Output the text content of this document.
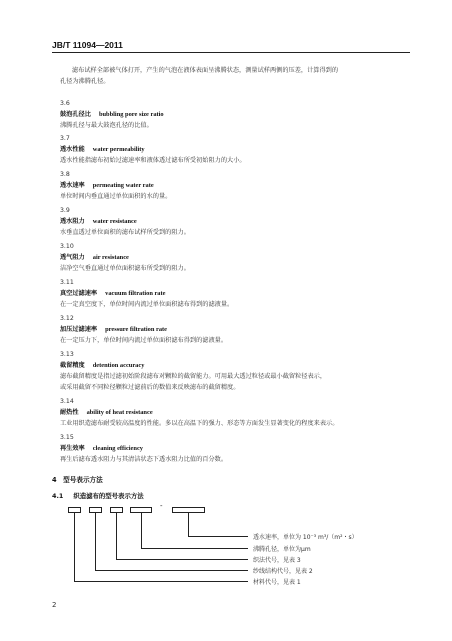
JB/T 11094—2011
滤布试样全部被气体打开，产生的气泡在液体表面呈沸腾状态，测量试样两侧的压差，计算得到的
孔径为沸腾孔径。
3.6
鼓泡孔径比 bubbling pore size ratio
沸腾孔径与最大鼓泡孔径的比值。
3.7
透水性能 water permeability
透水性能指滤布初始过滤速率和液体透过滤布所受初始阻力的大小。
3.8
透水速率 permeating water rate
单位时间内垂直通过单位面积的水的量。
3.9
透水阻力 water resistance
水垂直透过单位面积的滤布试样所受到的阻力。
3.10
透气阻力 air resistance
洁净空气垂直通过单位面积滤布所受到的阻力。
3.11
真空过滤速率 vacuum filtration rate
在一定真空度下，单位时间内流过单位面积滤布得到的滤液量。
3.12
加压过滤速率 pressure filtration rate
在一定压力下，单位时间内流过单位面积滤布得到的滤液量。
3.13
截留精度 detention accuracy
滤布截留精度是指过滤初始阶段滤布对颗粒的截留能力。可用最大透过粒径或最小截留粒径表示，
或采用截留不同粒径颗粒过滤前后的数值来反映滤布的截留精度。
3.14
耐热性 ability of heat resistance
工业用织造滤布耐受较高温度的性能。多以在高温下的强力、形态等方面发生显著变化的程度来表示。
3.15
再生效率 cleaning efficiency
再生后滤布透水阻力与其清洁状态下透水阻力比值的百分数。
4　型号表示方法
4.1 织造滤布的型号表示方法
-
透水速率，单位为 10⁻³ m³/（m²・s）
沸腾孔径，单位为μm
织法代号，见表 3
纱线结构代号，见表 2
材料代号，见表 1
2
